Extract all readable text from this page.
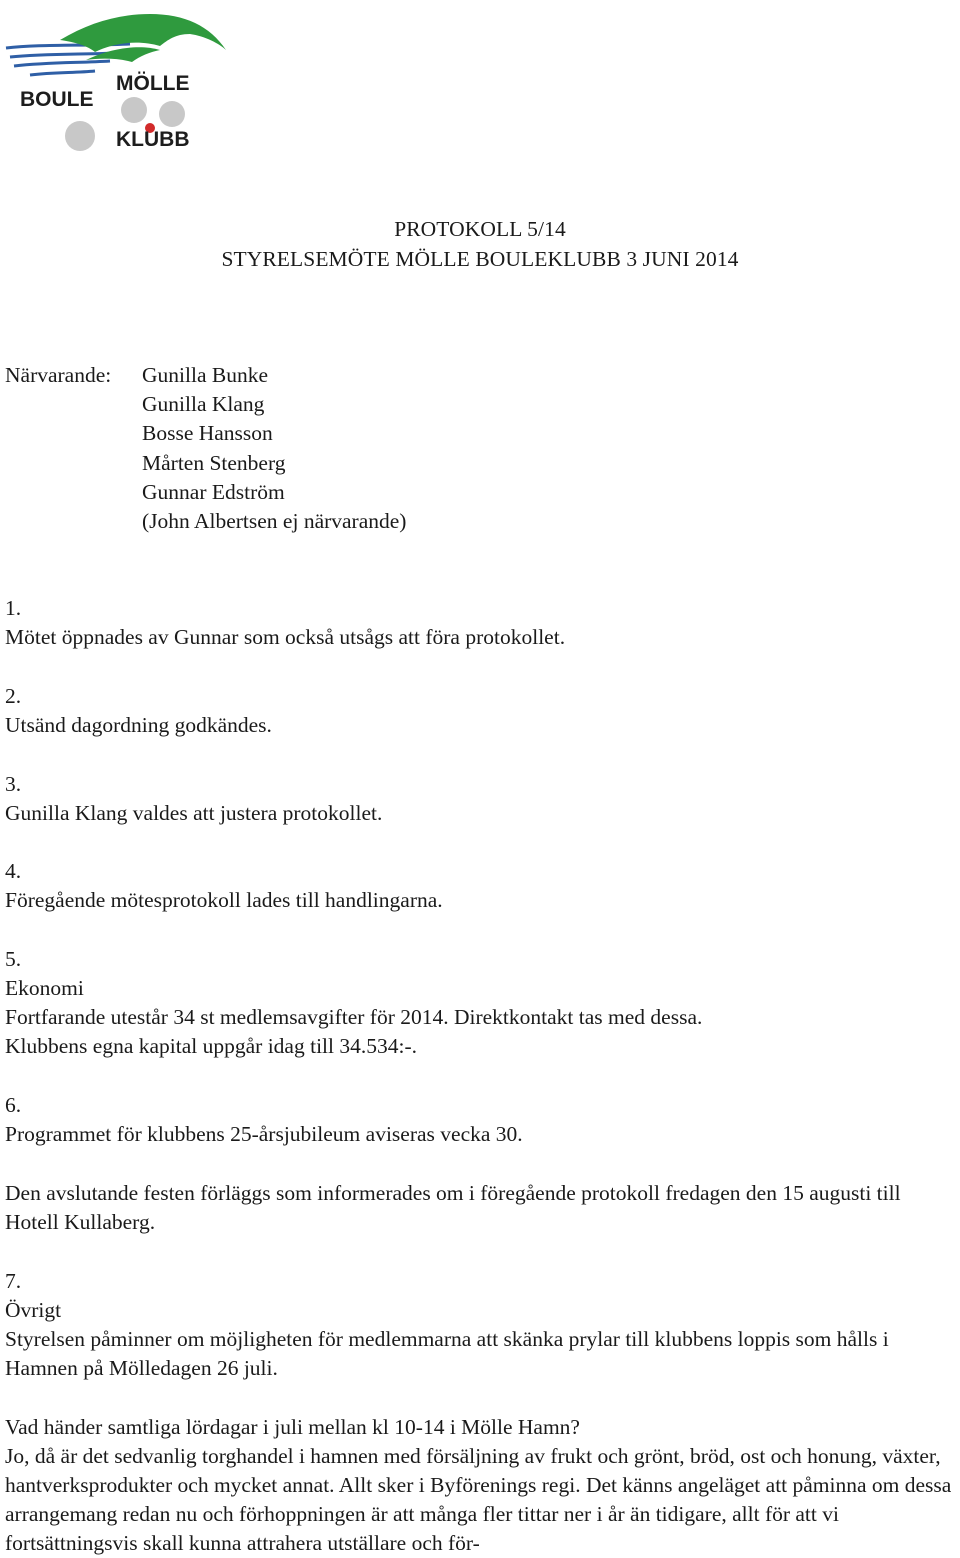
BOULE
MÖLLE
KLUBB
PROTOKOLL 5/14
STYRELSEMÖTE MÖLLE BOULEKLUBB 3 JUNI 2014
Närvarande: Gunilla Bunke
Gunilla Klang
Bosse Hansson
Mårten Stenberg
Gunnar Edström
(John Albertsen ej närvarande)
1.
Mötet öppnades av Gunnar som också utsågs att föra protokollet.
2.
Utsänd dagordning godkändes.
3.
Gunilla Klang valdes att justera protokollet.
4.
Föregående mötesprotokoll lades till handlingarna.
5.
Ekonomi
Fortfarande utestår 34 st medlemsavgifter för 2014. Direktkontakt tas med dessa.
Klubbens egna kapital uppgår idag till 34.534:-.
6.
Programmet för klubbens 25-årsjubileum aviseras vecka 30.
Den avslutande festen förläggs som informerades om i föregående protokoll fredagen den 15 augusti till Hotell Kullaberg.
7.
Övrigt
Styrelsen påminner om möjligheten för medlemmarna att skänka prylar till klubbens loppis som hålls i Hamnen på Mölledagen 26 juli.
Vad händer samtliga lördagar i juli mellan kl 10-14 i Mölle Hamn?
Jo, då är det sedvanlig torghandel i hamnen med försäljning av frukt och grönt, bröd, ost och honung, växter, hantverksprodukter och mycket annat. Allt sker i Byförenings regi. Det känns angeläget att påminna om dessa arrangemang redan nu och förhoppningen är att många fler tittar ner i år än tidigare, allt för att vi fortsättningsvis skall kunna attrahera utställare och för-
